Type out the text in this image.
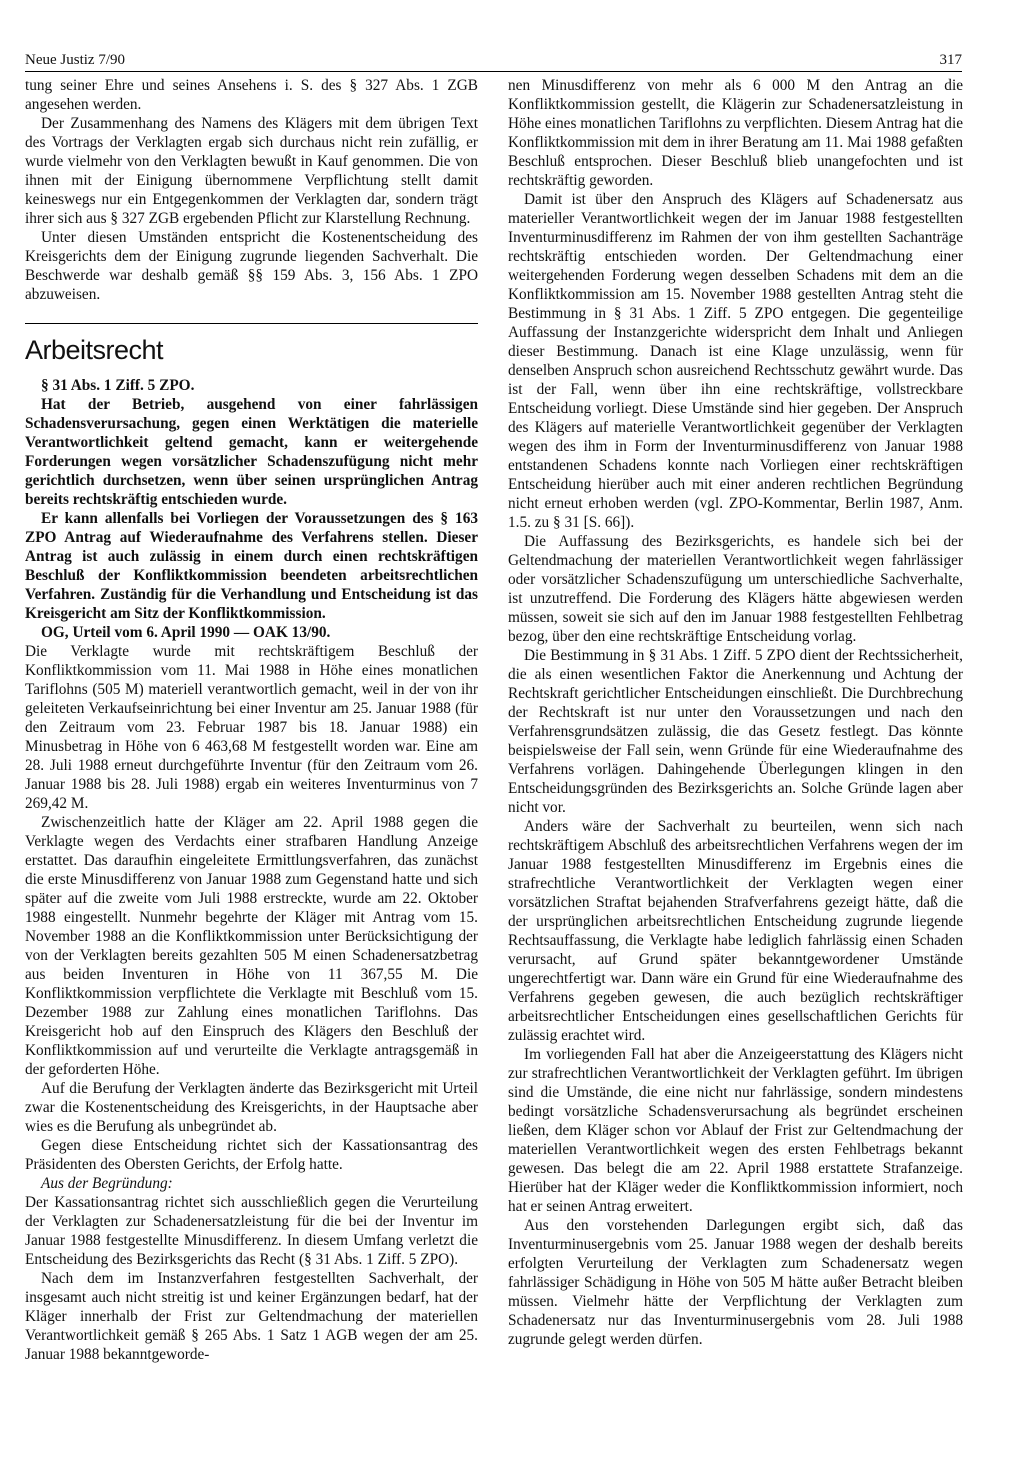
Neue Justiz 7/90	317

tung seiner Ehre und seines Ansehens i. S. des § 327 Abs. 1 ZGB angesehen werden.

Der Zusammenhang des Namens des Klägers mit dem übrigen Text des Vortrags der Verklagten ergab sich durchaus nicht rein zufällig, er wurde vielmehr von den Verklagten bewußt in Kauf genommen. Die von ihnen mit der Einigung übernommene Verpflichtung stellt damit keineswegs nur ein Entgegenkommen der Verklagten dar, sondern trägt ihrer sich aus § 327 ZGB ergebenden Pflicht zur Klarstellung Rechnung.

Unter diesen Umständen entspricht die Kostenentscheidung des Kreisgerichts dem der Einigung zugrunde liegenden Sachverhalt. Die Beschwerde war deshalb gemäß §§ 159 Abs. 3, 156 Abs. 1 ZPO abzuweisen.

Arbeitsrecht

§ 31 Abs. 1 Ziff. 5 ZPO.

Hat der Betrieb, ausgehend von einer fahrlässigen Schadensverursachung, gegen einen Werktätigen die materielle Verantwortlichkeit geltend gemacht, kann er weitergehende Forderungen wegen vorsätzlicher Schadenszufügung nicht mehr gerichtlich durchsetzen, wenn über seinen ursprünglichen Antrag bereits rechtskräftig entschieden wurde.

Er kann allenfalls bei Vorliegen der Voraussetzungen des § 163 ZPO Antrag auf Wiederaufnahme des Verfahrens stellen. Dieser Antrag ist auch zulässig in einem durch einen rechtskräftigen Beschluß der Konfliktkommission beendeten arbeitsrechtlichen Verfahren. Zuständig für die Verhandlung und Entscheidung ist das Kreisgericht am Sitz der Konfliktkommission.

OG, Urteil vom 6. April 1990 — OAK 13/90.

Die Verklagte wurde mit rechtskräftigem Beschluß der Konfliktkommission vom 11. Mai 1988 in Höhe eines monatlichen Tariflohns (505 M) materiell verantwortlich gemacht, weil in der von ihr geleiteten Verkaufseinrichtung bei einer Inventur am 25. Januar 1988 (für den Zeitraum vom 23. Februar 1987 bis 18. Januar 1988) ein Minusbetrag in Höhe von 6 463,68 M festgestellt worden war. Eine am 28. Juli 1988 erneut durchgeführte Inventur (für den Zeitraum vom 26. Januar 1988 bis 28. Juli 1988) ergab ein weiteres Inventurminus von 7 269,42 M.

Zwischenzeitlich hatte der Kläger am 22. April 1988 gegen die Verklagte wegen des Verdachts einer strafbaren Handlung Anzeige erstattet. Das daraufhin eingeleitete Ermittlungsverfahren, das zunächst die erste Minusdifferenz von Januar 1988 zum Gegenstand hatte und sich später auf die zweite vom Juli 1988 erstreckte, wurde am 22. Oktober 1988 eingestellt. Nunmehr begehrte der Kläger mit Antrag vom 15. November 1988 an die Konfliktkommission unter Berücksichtigung der von der Verklagten bereits gezahlten 505 M einen Schadenersatzbetrag aus beiden Inventuren in Höhe von 11 367,55 M. Die Konfliktkommission verpflichtete die Verklagte mit Beschluß vom 15. Dezember 1988 zur Zahlung eines monatlichen Tariflohns. Das Kreisgericht hob auf den Einspruch des Klägers den Beschluß der Konfliktkommission auf und verurteilte die Verklagte antragsgemäß in der geforderten Höhe.

Auf die Berufung der Verklagten änderte das Bezirksgericht mit Urteil zwar die Kostenentscheidung des Kreisgerichts, in der Hauptsache aber wies es die Berufung als unbegründet ab.

Gegen diese Entscheidung richtet sich der Kassationsantrag des Präsidenten des Obersten Gerichts, der Erfolg hatte.

Aus der Begründung:

Der Kassationsantrag richtet sich ausschließlich gegen die Verurteilung der Verklagten zur Schadenersatzleistung für die bei der Inventur im Januar 1988 festgestellte Minusdifferenz. In diesem Umfang verletzt die Entscheidung des Bezirksgerichts das Recht (§ 31 Abs. 1 Ziff. 5 ZPO).

Nach dem im Instanzverfahren festgestellten Sachverhalt, der insgesamt auch nicht streitig ist und keiner Ergänzungen bedarf, hat der Kläger innerhalb der Frist zur Geltendmachung der materiellen Verantwortlichkeit gemäß § 265 Abs. 1 Satz 1 AGB wegen der am 25. Januar 1988 bekanntgeworde-

nen Minusdifferenz von mehr als 6 000 M den Antrag an die Konfliktkommission gestellt, die Klägerin zur Schadenersatzleistung in Höhe eines monatlichen Tariflohns zu verpflichten. Diesem Antrag hat die Konfliktkommission mit dem in ihrer Beratung am 11. Mai 1988 gefaßten Beschluß entsprochen. Dieser Beschluß blieb unangefochten und ist rechtskräftig geworden.

Damit ist über den Anspruch des Klägers auf Schadenersatz aus materieller Verantwortlichkeit wegen der im Januar 1988 festgestellten Inventurminusdifferenz im Rahmen der von ihm gestellten Sachanträge rechtskräftig entschieden worden. Der Geltendmachung einer weitergehenden Forderung wegen desselben Schadens mit dem an die Konfliktkommission am 15. November 1988 gestellten Antrag steht die Bestimmung in § 31 Abs. 1 Ziff. 5 ZPO entgegen. Die gegenteilige Auffassung der Instanzgerichte widerspricht dem Inhalt und Anliegen dieser Bestimmung. Danach ist eine Klage unzulässig, wenn für denselben Anspruch schon ausreichend Rechtsschutz gewährt wurde. Das ist der Fall, wenn über ihn eine rechtskräftige, vollstreckbare Entscheidung vorliegt. Diese Umstände sind hier gegeben. Der Anspruch des Klägers auf materielle Verantwortlichkeit gegenüber der Verklagten wegen des ihm in Form der Inventurminusdifferenz von Januar 1988 entstandenen Schadens konnte nach Vorliegen einer rechtskräftigen Entscheidung hierüber auch mit einer anderen rechtlichen Begründung nicht erneut erhoben werden (vgl. ZPO-Kommentar, Berlin 1987, Anm. 1.5. zu § 31 [S. 66]).

Die Auffassung des Bezirksgerichts, es handele sich bei der Geltendmachung der materiellen Verantwortlichkeit wegen fahrlässiger oder vorsätzlicher Schadenszufügung um unterschiedliche Sachverhalte, ist unzutreffend. Die Forderung des Klägers hätte abgewiesen werden müssen, soweit sie sich auf den im Januar 1988 festgestellten Fehlbetrag bezog, über den eine rechtskräftige Entscheidung vorlag.

Die Bestimmung in § 31 Abs. 1 Ziff. 5 ZPO dient der Rechtssicherheit, die als einen wesentlichen Faktor die Anerkennung und Achtung der Rechtskraft gerichtlicher Entscheidungen einschließt. Die Durchbrechung der Rechtskraft ist nur unter den Voraussetzungen und nach den Verfahrensgrundsätzen zulässig, die das Gesetz festlegt. Das könnte beispielsweise der Fall sein, wenn Gründe für eine Wiederaufnahme des Verfahrens vorlägen. Dahingehende Überlegungen klingen in den Entscheidungsgründen des Bezirksgerichts an. Solche Gründe lagen aber nicht vor.

Anders wäre der Sachverhalt zu beurteilen, wenn sich nach rechtskräftigem Abschluß des arbeitsrechtlichen Verfahrens wegen der im Januar 1988 festgestellten Minusdifferenz im Ergebnis eines die strafrechtliche Verantwortlichkeit der Verklagten wegen einer vorsätzlichen Straftat bejahenden Strafverfahrens gezeigt hätte, daß die der ursprünglichen arbeitsrechtlichen Entscheidung zugrunde liegende Rechtsauffassung, die Verklagte habe lediglich fahrlässig einen Schaden verursacht, auf Grund später bekanntgewordener Umstände ungerechtfertigt war. Dann wäre ein Grund für eine Wiederaufnahme des Verfahrens gegeben gewesen, die auch bezüglich rechtskräftiger arbeitsrechtlicher Entscheidungen eines gesellschaftlichen Gerichts für zulässig erachtet wird.

Im vorliegenden Fall hat aber die Anzeigeerstattung des Klägers nicht zur strafrechtlichen Verantwortlichkeit der Verklagten geführt. Im übrigen sind die Umstände, die eine nicht nur fahrlässige, sondern mindestens bedingt vorsätzliche Schadensverursachung als begründet erscheinen ließen, dem Kläger schon vor Ablauf der Frist zur Geltendmachung der materiellen Verantwortlichkeit wegen des ersten Fehlbetrags bekannt gewesen. Das belegt die am 22. April 1988 erstattete Strafanzeige. Hierüber hat der Kläger weder die Konfliktkommission informiert, noch hat er seinen Antrag erweitert.

Aus den vorstehenden Darlegungen ergibt sich, daß das Inventurminusergebnis vom 25. Januar 1988 wegen der deshalb bereits erfolgten Verurteilung der Verklagten zum Schadenersatz wegen fahrlässiger Schädigung in Höhe von 505 M hätte außer Betracht bleiben müssen. Vielmehr hätte der Verpflichtung der Verklagten zum Schadenersatz nur das Inventurminusergebnis vom 28. Juli 1988 zugrunde gelegt werden dürfen.
